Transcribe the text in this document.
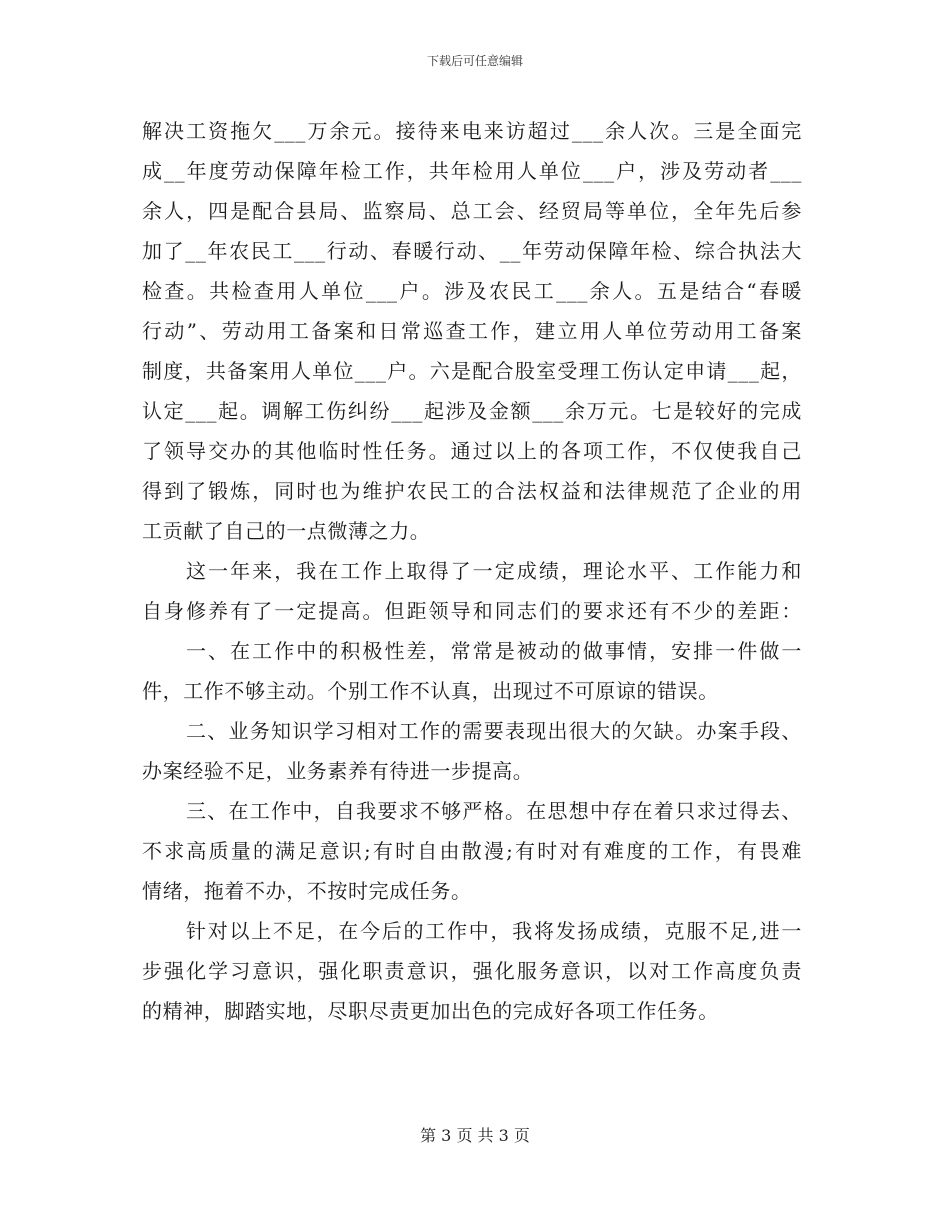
下载后可任意编辑
解决工资拖欠___万余元。接待来电来访超过___余人次。三是全面完
成__年度劳动保障年检工作，共年检用人单位___户，涉及劳动者___
余人，四是配合县局、监察局、总工会、经贸局等单位，全年先后参
加了__年农民工___行动、春暖行动、__年劳动保障年检、综合执法大
检查。共检查用人单位___户。涉及农民工___余人。五是结合“春暖
行动”、劳动用工备案和日常巡查工作，建立用人单位劳动用工备案
制度，共备案用人单位___户。六是配合股室受理工伤认定申请___起，
认定___起。调解工伤纠纷___起涉及金额___余万元。七是较好的完成
了领导交办的其他临时性任务。通过以上的各项工作，不仅使我自己
得到了锻炼，同时也为维护农民工的合法权益和法律规范了企业的用
工贡献了自己的一点微薄之力。
这一年来，我在工作上取得了一定成绩，理论水平、工作能力和
自身修养有了一定提高。但距领导和同志们的要求还有不少的差距：
一、在工作中的积极性差，常常是被动的做事情，安排一件做一
件，工作不够主动。个别工作不认真，出现过不可原谅的错误。
二、业务知识学习相对工作的需要表现出很大的欠缺。办案手段、
办案经验不足，业务素养有待进一步提高。
三、在工作中，自我要求不够严格。在思想中存在着只求过得去、
不求高质量的满足意识;有时自由散漫;有时对有难度的工作，有畏难
情绪，拖着不办，不按时完成任务。
针对以上不足，在今后的工作中，我将发扬成绩，克服不足,进一
步强化学习意识，强化职责意识，强化服务意识，以对工作高度负责
的精神，脚踏实地，尽职尽责更加出色的完成好各项工作任务。
第 3 页 共 3 页
